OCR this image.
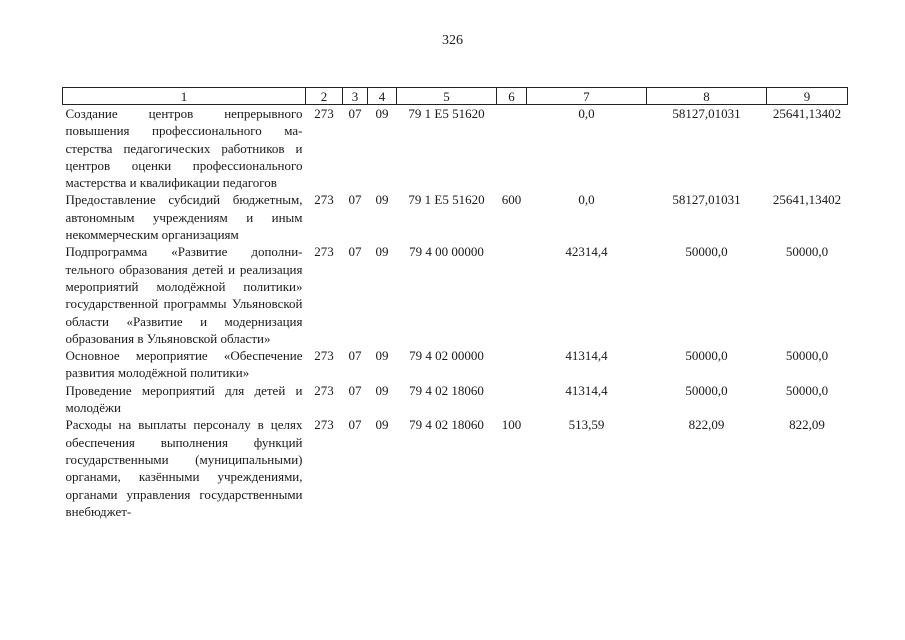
326
1	2	3	4	5	6	7	8	9
Создание центров непрерывного повышения профессионального мастерства педагогических работников и центров оценки профессионального мастерства и квалификации педагогов	273	07	09	79 1 E5 51620		0,0	58127,01031	25641,13402
Предоставление субсидий бюджетным, автономным учреждениям и иным некоммерческим организациям	273	07	09	79 1 E5 51620	600	0,0	58127,01031	25641,13402
Подпрограмма «Развитие дополнительного образования детей и реализация мероприятий молодёжной политики» государственной программы Ульяновской области «Развитие и модернизация образования в Ульяновской области»	273	07	09	79 4 00 00000		42314,4	50000,0	50000,0
Основное мероприятие «Обеспечение развития молодёжной политики»	273	07	09	79 4 02 00000		41314,4	50000,0	50000,0
Проведение мероприятий для детей и молодёжи	273	07	09	79 4 02 18060		41314,4	50000,0	50000,0
Расходы на выплаты персоналу в целях обеспечения выполнения функций государственными (муниципальными) органами, казёнными учреждениями, органами управления государственными внебюджет-	273	07	09	79 4 02 18060	100	513,59	822,09	822,09
